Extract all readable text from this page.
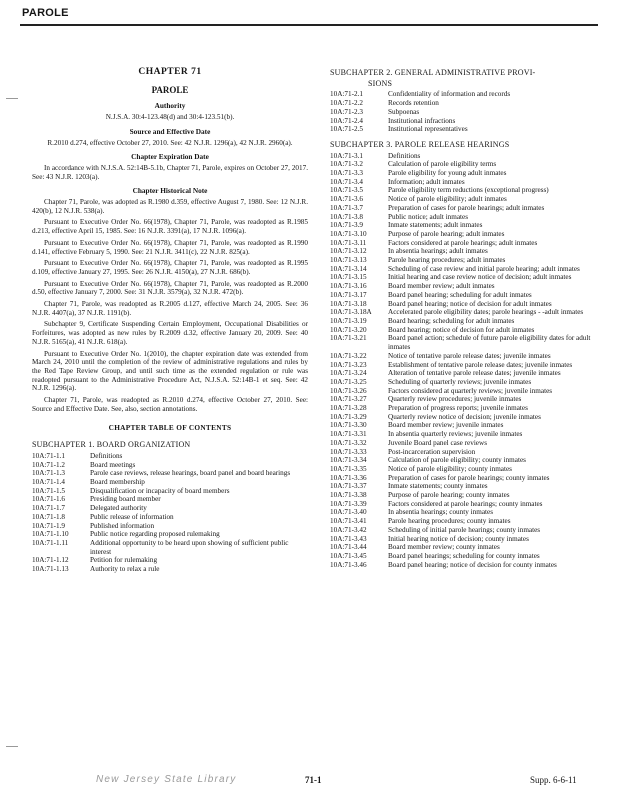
PAROLE
CHAPTER 71
PAROLE
Authority
N.J.S.A. 30:4-123.48(d) and 30:4-123.51(b).
Source and Effective Date
R.2010 d.274, effective October 27, 2010. See: 42 N.J.R. 1296(a), 42 N.J.R. 2960(a).
Chapter Expiration Date
In accordance with N.J.S.A. 52:14B-5.1b, Chapter 71, Parole, expires on October 27, 2017. See: 43 N.J.R. 1203(a).
Chapter Historical Note
Chapter 71, Parole, was adopted as R.1980 d.359, effective August 7, 1980. See: 12 N.J.R. 420(b), 12 N.J.R. 538(a).
Pursuant to Executive Order No. 66(1978), Chapter 71, Parole, was readopted as R.1985 d.213, effective April 15, 1985. See: 16 N.J.R. 3391(a), 17 N.J.R. 1096(a).
Pursuant to Executive Order No. 66(1978), Chapter 71, Parole, was readopted as R.1990 d.141, effective February 5, 1990. See: 21 N.J.R. 3411(c), 22 N.J.R. 825(a).
Pursuant to Executive Order No. 66(1978), Chapter 71, Parole, was readopted as R.1995 d.109, effective January 27, 1995. See: 26 N.J.R. 4150(a), 27 N.J.R. 686(b).
Pursuant to Executive Order No. 66(1978), Chapter 71, Parole, was readopted as R.2000 d.50, effective January 7, 2000. See: 31 N.J.R. 3579(a), 32 N.J.R. 472(b).
Chapter 71, Parole, was readopted as R.2005 d.127, effective March 24, 2005. See: 36 N.J.R. 4407(a), 37 N.J.R. 1191(b).
Subchapter 9, Certificate Suspending Certain Employment, Occupational Disabilities or Forfeitures, was adopted as new rules by R.2009 d.32, effective January 20, 2009. See: 40 N.J.R. 5165(a), 41 N.J.R. 618(a).
Pursuant to Executive Order No. 1(2010), the chapter expiration date was extended from March 24, 2010 until the completion of the review of administrative regulations and rules by the Red Tape Review Group, and until such time as the extended regulation or rule was readopted pursuant to the Administrative Procedure Act, N.J.S.A. 52:14B-1 et seq. See: 42 N.J.R. 1296(a).
Chapter 71, Parole, was readopted as R.2010 d.274, effective October 27, 2010. See: Source and Effective Date. See, also, section annotations.
CHAPTER TABLE OF CONTENTS
SUBCHAPTER 1. BOARD ORGANIZATION
10A:71-1.1	Definitions
10A:71-1.2	Board meetings
10A:71-1.3	Parole case reviews, release hearings, board panel and board hearings
10A:71-1.4	Board membership
10A:71-1.5	Disqualification or incapacity of board members
10A:71-1.6	Presiding board member
10A:71-1.7	Delegated authority
10A:71-1.8	Public release of information
10A:71-1.9	Published information
10A:71-1.10	Public notice regarding proposed rulemaking
10A:71-1.11	Additional opportunity to be heard upon showing of sufficient public interest
10A:71-1.12	Petition for rulemaking
10A:71-1.13	Authority to relax a rule
SUBCHAPTER 2. GENERAL ADMINISTRATIVE PROVI-
SIONS
10A:71-2.1	Confidentiality of information and records
10A:71-2.2	Records retention
10A:71-2.3	Subpoenas
10A:71-2.4	Institutional infractions
10A:71-2.5	Institutional representatives
SUBCHAPTER 3. PAROLE RELEASE HEARINGS
10A:71-3.1	Definitions
10A:71-3.2	Calculation of parole eligibility terms
10A:71-3.3	Parole eligibility for young adult inmates
10A:71-3.4	Information; adult inmates
10A:71-3.5	Parole eligibility term reductions (exceptional progress)
10A:71-3.6	Notice of parole eligibility; adult inmates
10A:71-3.7	Preparation of cases for parole hearings; adult inmates
10A:71-3.8	Public notice; adult inmates
10A:71-3.9	Inmate statements; adult inmates
10A:71-3.10	Purpose of parole hearing; adult inmates
10A:71-3.11	Factors considered at parole hearings; adult inmates
10A:71-3.12	In absentia hearings; adult inmates
10A:71-3.13	Parole hearing procedures; adult inmates
10A:71-3.14	Scheduling of case review and initial parole hearing; adult inmates
10A:71-3.15	Initial hearing and case review notice of decision; adult inmates
10A:71-3.16	Board member review; adult inmates
10A:71-3.17	Board panel hearing; scheduling for adult inmates
10A:71-3.18	Board panel hearing; notice of decision for adult inmates
10A:71-3.18A	Accelerated parole eligibility dates; parole hearings - -adult inmates
10A:71-3.19	Board hearing; scheduling for adult inmates
10A:71-3.20	Board hearing; notice of decision for adult inmates
10A:71-3.21	Board panel action; schedule of future parole eligibility dates for adult inmates
10A:71-3.22	Notice of tentative parole release dates; juvenile inmates
10A:71-3.23	Establishment of tentative parole release dates; juvenile inmates
10A:71-3.24	Alteration of tentative parole release dates; juvenile inmates
10A:71-3.25	Scheduling of quarterly reviews; juvenile inmates
10A:71-3.26	Factors considered at quarterly reviews; juvenile inmates
10A:71-3.27	Quarterly review procedures; juvenile inmates
10A:71-3.28	Preparation of progress reports; juvenile inmates
10A:71-3.29	Quarterly review notice of decision; juvenile inmates
10A:71-3.30	Board member review; juvenile inmates
10A:71-3.31	In absentia quarterly reviews; juvenile inmates
10A:71-3.32	Juvenile Board panel case reviews
10A:71-3.33	Post-incarceration supervision
10A:71-3.34	Calculation of parole eligibility; county inmates
10A:71-3.35	Notice of parole eligibility; county inmates
10A:71-3.36	Preparation of cases for parole hearings; county inmates
10A:71-3.37	Inmate statements; county inmates
10A:71-3.38	Purpose of parole hearing; county inmates
10A:71-3.39	Factors considered at parole hearings; county inmates
10A:71-3.40	In absentia hearings; county inmates
10A:71-3.41	Parole hearing procedures; county inmates
10A:71-3.42	Scheduling of initial parole hearings; county inmates
10A:71-3.43	Initial hearing notice of decision; county inmates
10A:71-3.44	Board member review; county inmates
10A:71-3.45	Board panel hearings; scheduling for county inmates
10A:71-3.46	Board panel hearing; notice of decision for county inmates
New Jersey State Library	71-1	Supp. 6-6-11
